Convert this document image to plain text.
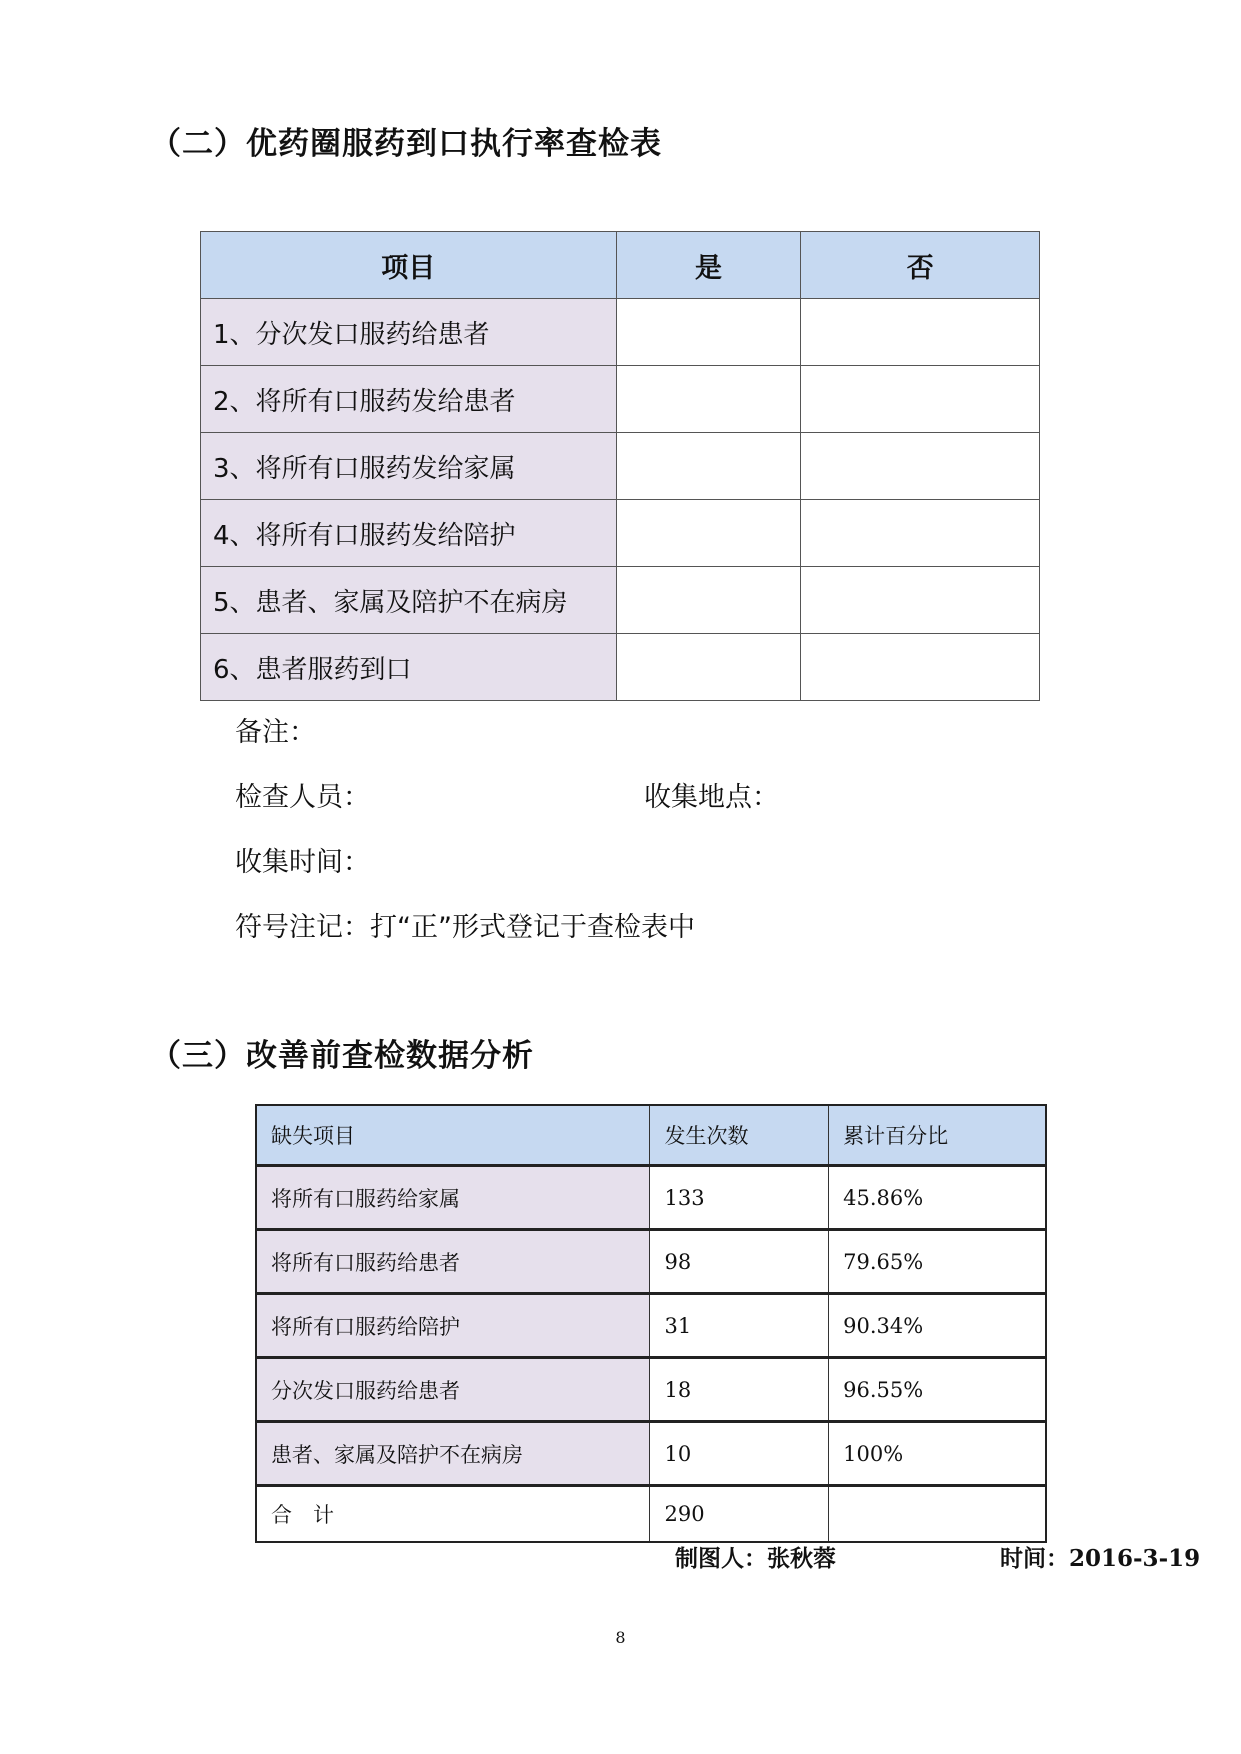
（二）优药圈服药到口执行率查检表
项目	是	否
1、分次发口服药给患者		
2、将所有口服药发给患者		
3、将所有口服药发给家属		
4、将所有口服药发给陪护		
5、患者、家属及陪护不在病房		
6、患者服药到口		
备注：
检查人员：	收集地点：
收集时间：
符号注记：打“正”形式登记于查检表中
（三）改善前查检数据分析
缺失项目	发生次数	累计百分比
将所有口服药给家属	133	45.86%
将所有口服药给患者	98	79.65%
将所有口服药给陪护	31	90.34%
分次发口服药给患者	18	96.55%
患者、家属及陪护不在病房	10	100%
合　计	290	
制图人：张秋蓉	时间：2016-3-19
8
